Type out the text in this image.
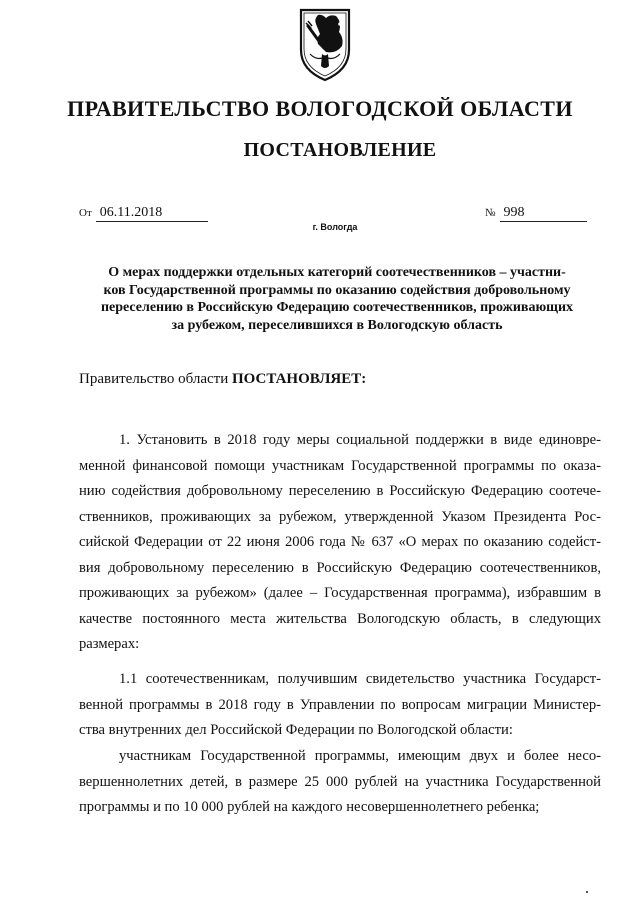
ПРАВИТЕЛЬСТВО ВОЛОГОДСКОЙ ОБЛАСТИ
ПОСТАНОВЛЕНИЕ
От 06.11.2018	№ 998
г. Вологда
О мерах поддержки отдельных категорий соотечественников – участни-
ков Государственной программы по оказанию содействия добровольному
переселению в Российскую Федерацию соотечественников, проживающих
за рубежом, переселившихся в Вологодскую область
Правительство области ПОСТАНОВЛЯЕТ:
1. Установить в 2018 году меры социальной поддержки в виде единовре-
менной финансовой помощи участникам Государственной программы по оказа-
нию содействия добровольному переселению в Российскую Федерацию соотече-
ственников, проживающих за рубежом, утвержденной Указом Президента Рос-
сийской Федерации от 22 июня 2006 года № 637 «О мерах по оказанию содейст-
вия добровольному переселению в Российскую Федерацию соотечественников,
проживающих за рубежом» (далее – Государственная программа), избравшим в
качестве постоянного места жительства Вологодскую область, в следующих
размерах:
1.1 соотечественникам, получившим свидетельство участника Государст-
венной программы в 2018 году в Управлении по вопросам миграции Министер-
ства внутренних дел Российской Федерации по Вологодской области:
участникам Государственной программы, имеющим двух и более несо-
вершеннолетних детей, в размере 25 000 рублей на участника Государственной
программы и по 10 000 рублей на каждого несовершеннолетнего ребенка;
